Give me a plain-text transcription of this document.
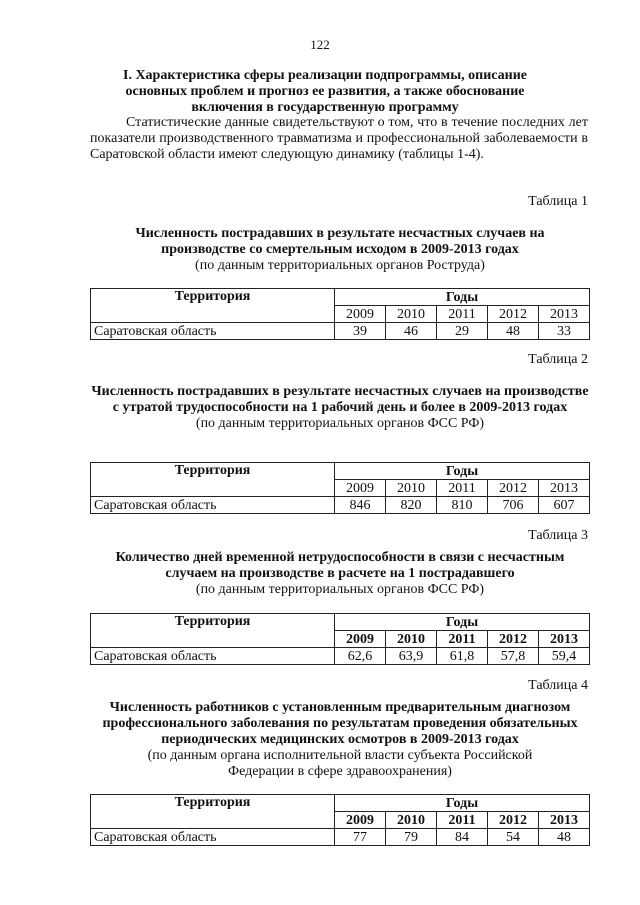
122
I. Характеристика сферы реализации подпрограммы, описание основных проблем и прогноз ее развития, а также обоснование включения в государственную программу

Статистические данные свидетельствуют о том, что в течение последних лет показатели производственного травматизма и профессиональной заболеваемости в Саратовской области имеют следующую динамику (таблицы 1-4).

Таблица 1
Численность пострадавших в результате несчастных случаев на производстве со смертельным исходом в 2009-2013 годах
(по данным территориальных органов Роструда)
Территория	Годы				
	2009	2010	2011	2012	2013
Саратовская область	39	46	29	48	33
Таблица 2
Численность пострадавших в результате несчастных случаев на производстве с утратой трудоспособности на 1 рабочий день и более в 2009-2013 годах
(по данным территориальных органов ФСС РФ)
Территория	Годы				
	2009	2010	2011	2012	2013
Саратовская область	846	820	810	706	607
Таблица 3
Количество дней временной нетрудоспособности в связи с несчастным случаем на производстве в расчете на 1 пострадавшего
(по данным территориальных органов ФСС РФ)
Территория	Годы				
	2009	2010	2011	2012	2013
Саратовская область	62,6	63,9	61,8	57,8	59,4
Таблица 4
Численность работников с установленным предварительным диагнозом профессионального заболевания по результатам проведения обязательных периодических медицинских осмотров в 2009-2013 годах
(по данным органа исполнительной власти субъекта Российской Федерации в сфере здравоохранения)
Территория	Годы				
	2009	2010	2011	2012	2013
Саратовская область	77	79	84	54	48
